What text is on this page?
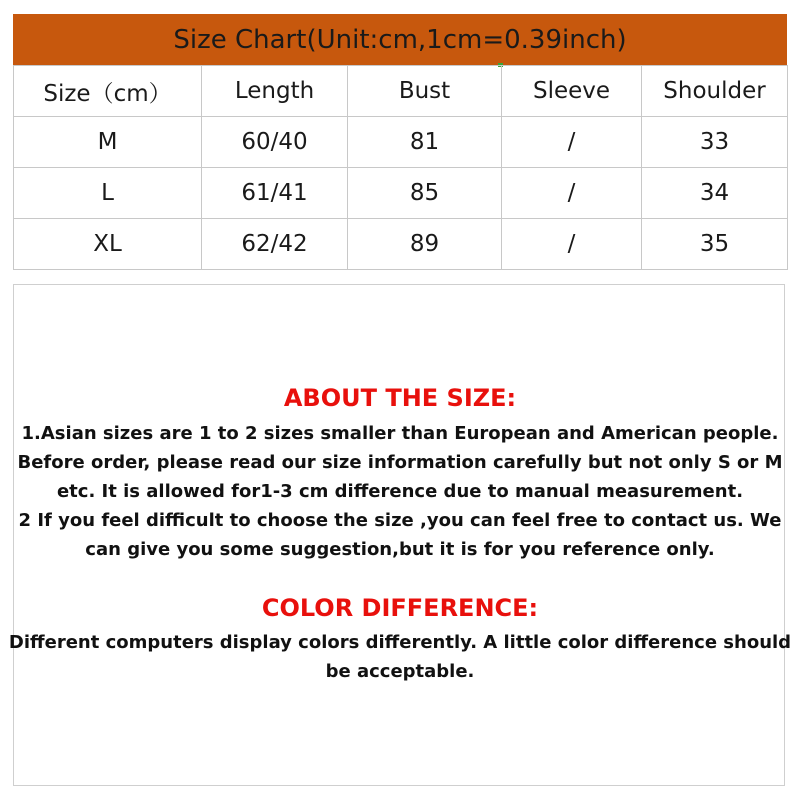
Size Chart(Unit:cm,1cm=0.39inch)
Size（cm）	Length	Bust	Sleeve	Shoulder
M	60/40	81	/	33
L	61/41	85	/	34
XL	62/42	89	/	35
ABOUT THE SIZE:
1.Asian sizes are 1 to 2 sizes smaller than European and American people.
Before order, please read our size information carefully but not only S or M
etc. It is allowed for1-3 cm difference due to manual measurement.
2 If you feel difficult to choose the size ,you can feel free to contact us. We
can give you some suggestion,but it is for you reference only.
COLOR DIFFERENCE:
Different computers display colors differently. A little color difference should
be acceptable.
